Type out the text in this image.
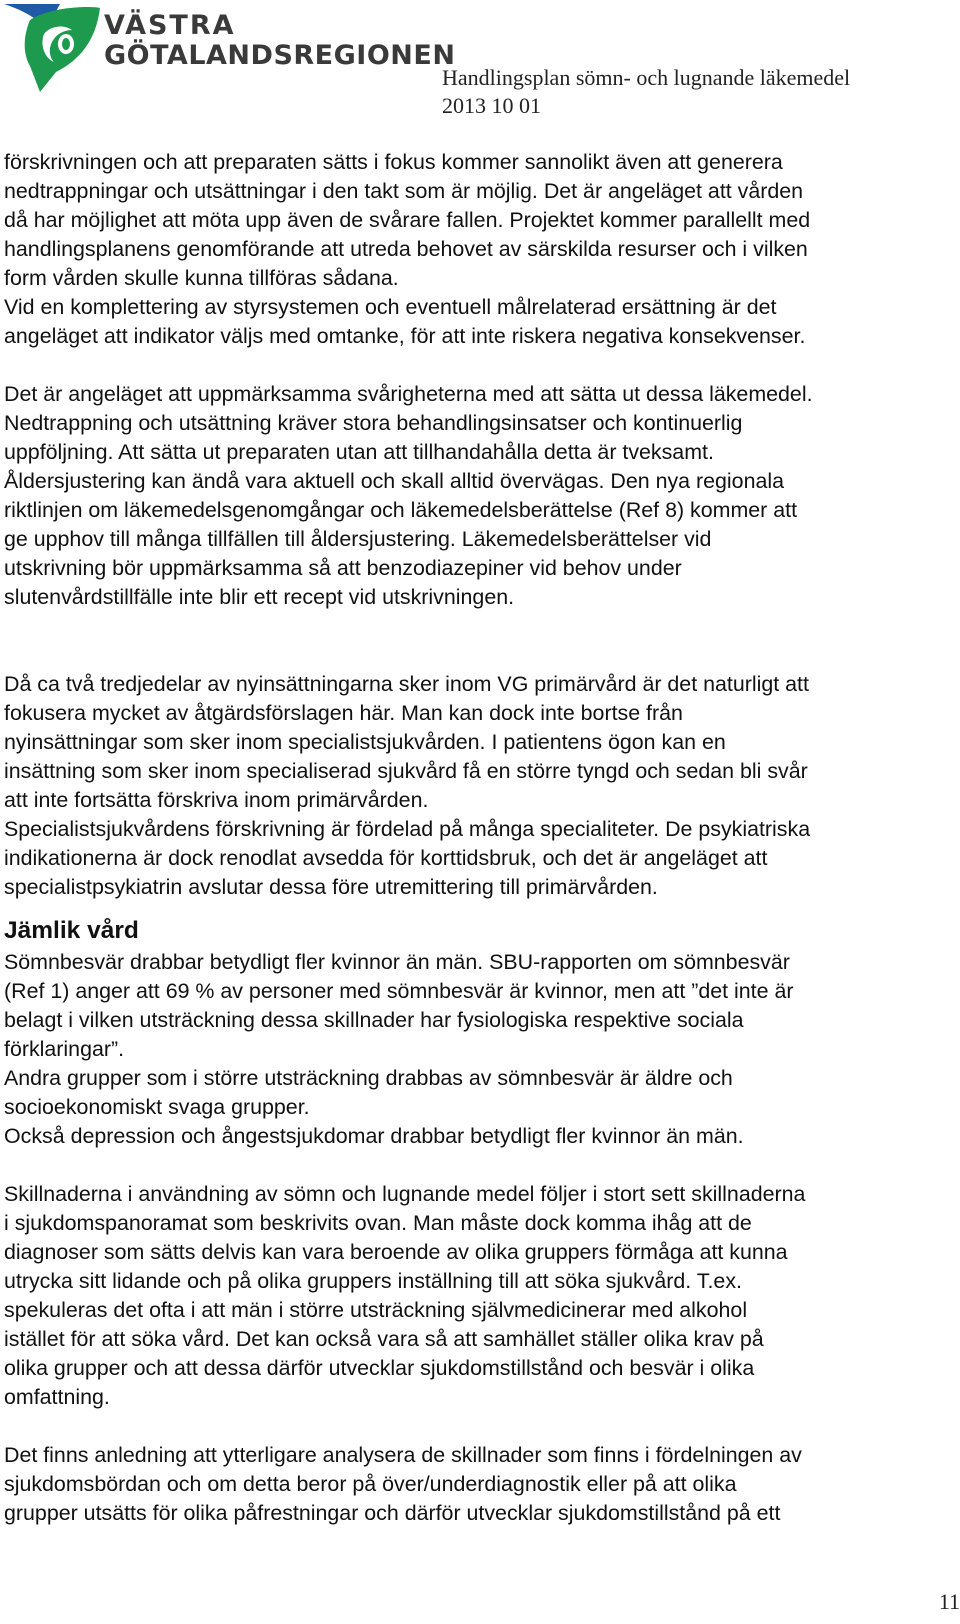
VÄSTRA
GÖTALANDSREGIONEN
Handlingsplan sömn- och lugnande läkemedel
2013 10 01

förskrivningen och att preparaten sätts i fokus kommer sannolikt även att generera
nedtrappningar och utsättningar i den takt som är möjlig. Det är angeläget att vården
då har möjlighet att möta upp även de svårare fallen. Projektet kommer parallellt med
handlingsplanens genomförande att utreda behovet av särskilda resurser och i vilken
form vården skulle kunna tillföras sådana.

Vid en komplettering av styrsystemen och eventuell målrelaterad ersättning är det
angeläget att indikator väljs med omtanke, för att inte riskera negativa konsekvenser.

Det är angeläget att uppmärksamma svårigheterna med att sätta ut dessa läkemedel.
Nedtrappning och utsättning kräver stora behandlingsinsatser och kontinuerlig
uppföljning. Att sätta ut preparaten utan att tillhandahålla detta är tveksamt.
Åldersjustering kan ändå vara aktuell och skall alltid övervägas. Den nya regionala
riktlinjen om läkemedelsgenomgångar och läkemedelsberättelse (Ref 8) kommer att
ge upphov till många tillfällen till åldersjustering. Läkemedelsberättelser vid
utskrivning bör uppmärksamma så att benzodiazepiner vid behov under
slutenvårdstillfälle inte blir ett recept vid utskrivningen.

Då ca två tredjedelar av nyinsättningarna sker inom VG primärvård är det naturligt att
fokusera mycket av åtgärdsförslagen här. Man kan dock inte bortse från
nyinsättningar som sker inom specialistsjukvården. I patientens ögon kan en
insättning som sker inom specialiserad sjukvård få en större tyngd och sedan bli svår
att inte fortsätta förskriva inom primärvården.

Specialistsjukvårdens förskrivning är fördelad på många specialiteter. De psykiatriska
indikationerna är dock renodlat avsedda för korttidsbruk, och det är angeläget att
specialistpsykiatrin avslutar dessa före utremittering till primärvården.

Jämlik vård

Sömnbesvär drabbar betydligt fler kvinnor än män. SBU-rapporten om sömnbesvär
(Ref 1) anger att 69 % av personer med sömnbesvär är kvinnor, men att ”det inte är
belagt i vilken utsträckning dessa skillnader har fysiologiska respektive sociala
förklaringar”.

Andra grupper som i större utsträckning drabbas av sömnbesvär är äldre och
socioekonomiskt svaga grupper.

Också depression och ångestsjukdomar drabbar betydligt fler kvinnor än män.

Skillnaderna i användning av sömn och lugnande medel följer i stort sett skillnaderna
i sjukdomspanoramat som beskrivits ovan. Man måste dock komma ihåg att de
diagnoser som sätts delvis kan vara beroende av olika gruppers förmåga att kunna
utrycka sitt lidande och på olika gruppers inställning till att söka sjukvård. T.ex.
spekuleras det ofta i att män i större utsträckning självmedicinerar med alkohol
istället för att söka vård. Det kan också vara så att samhället ställer olika krav på
olika grupper och att dessa därför utvecklar sjukdomstillstånd och besvär i olika
omfattning.

Det finns anledning att ytterligare analysera de skillnader som finns i fördelningen av
sjukdomsbördan och om detta beror på över/underdiagnostik eller på att olika
grupper utsätts för olika påfrestningar och därför utvecklar sjukdomstillstånd på ett

11
